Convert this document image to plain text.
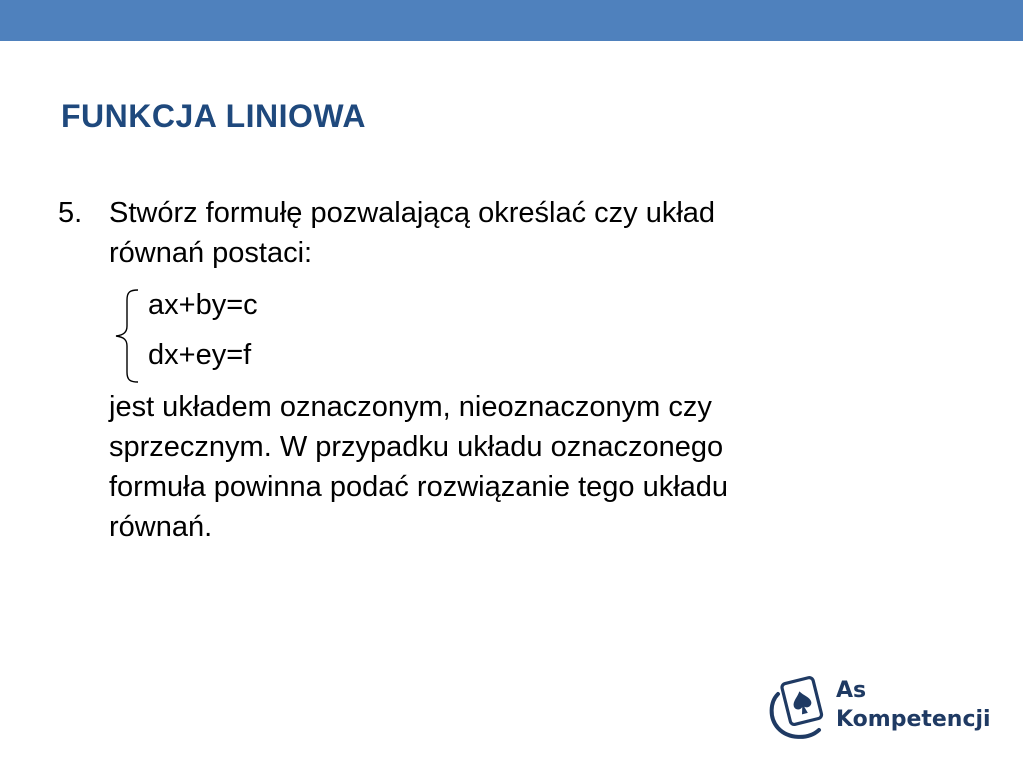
FUNKCJA LINIOWA
5. Stwórz formułę pozwalającą określać czy układ
równań postaci:
ax+by=c
dx+ey=f
jest układem oznaczonym, nieoznaczonym czy
sprzecznym. W przypadku układu oznaczonego
formuła powinna podać rozwiązanie tego układu
równań.
As
Kompetencji
